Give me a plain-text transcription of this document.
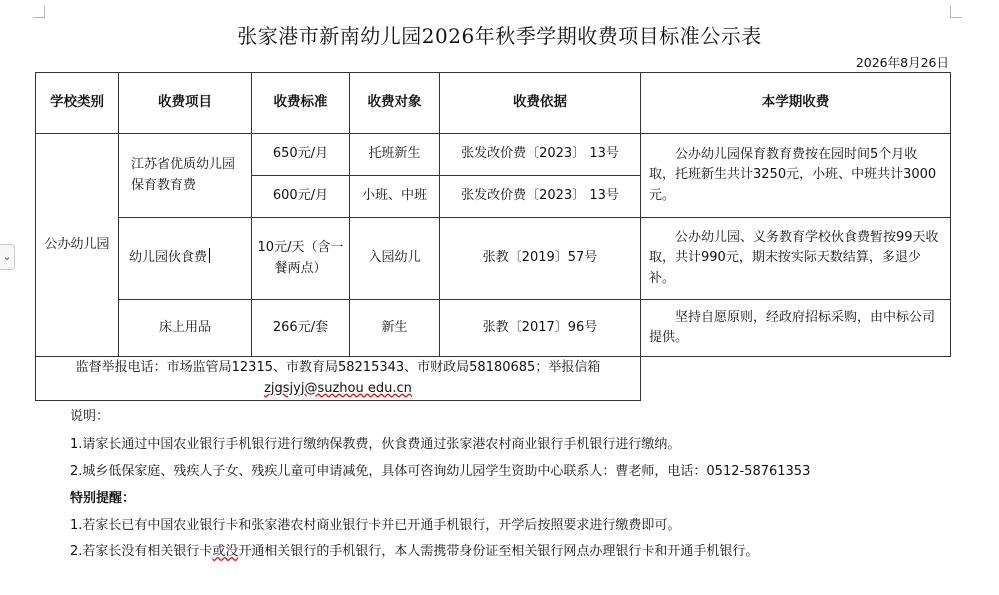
⌄
张家港市新南幼儿园2026年秋季学期收费项目标准公示表
2026年8月26日
学校类别	收费项目	收费标准	收费对象	收费依据	本学期收费
公办幼儿园	江苏省优质幼儿园保育教育费	650元/月	托班新生	张发改价费〔2023〕 13号	公办幼儿园保育教育费按在园时间5个月收取，托班新生共计3250元，小班、中班共计3000元。
		600元/月	小班、中班	张发改价费〔2023〕 13号	
	幼儿园伙食费	10元/天（含一餐两点）	入园幼儿	张教〔2019〕57号	公办幼儿园、义务教育学校伙食费暂按99天收取，共计990元，期末按实际天数结算，多退少补。
	床上用品	266元/套	新生	张教〔2017〕96号	坚持自愿原则，经政府招标采购，由中标公司提供。
监督举报电话：市场监管局12315、市教育局58215343、市财政局58180685；举报信箱 zjgsjyj@suzhou edu.cn					
说明：
1.请家长通过中国农业银行手机银行进行缴纳保教费，伙食费通过张家港农村商业银行手机银行进行缴纳。
2.城乡低保家庭、残疾人子女、残疾儿童可申请减免，具体可咨询幼儿园学生资助中心联系人：曹老师，电话：0512-58761353
特别提醒：
1.若家长已有中国农业银行卡和张家港农村商业银行卡并已开通手机银行，开学后按照要求进行缴费即可。
2.若家长没有相关银行卡或没开通相关银行的手机银行，本人需携带身份证至相关银行网点办理银行卡和开通手机银行。
